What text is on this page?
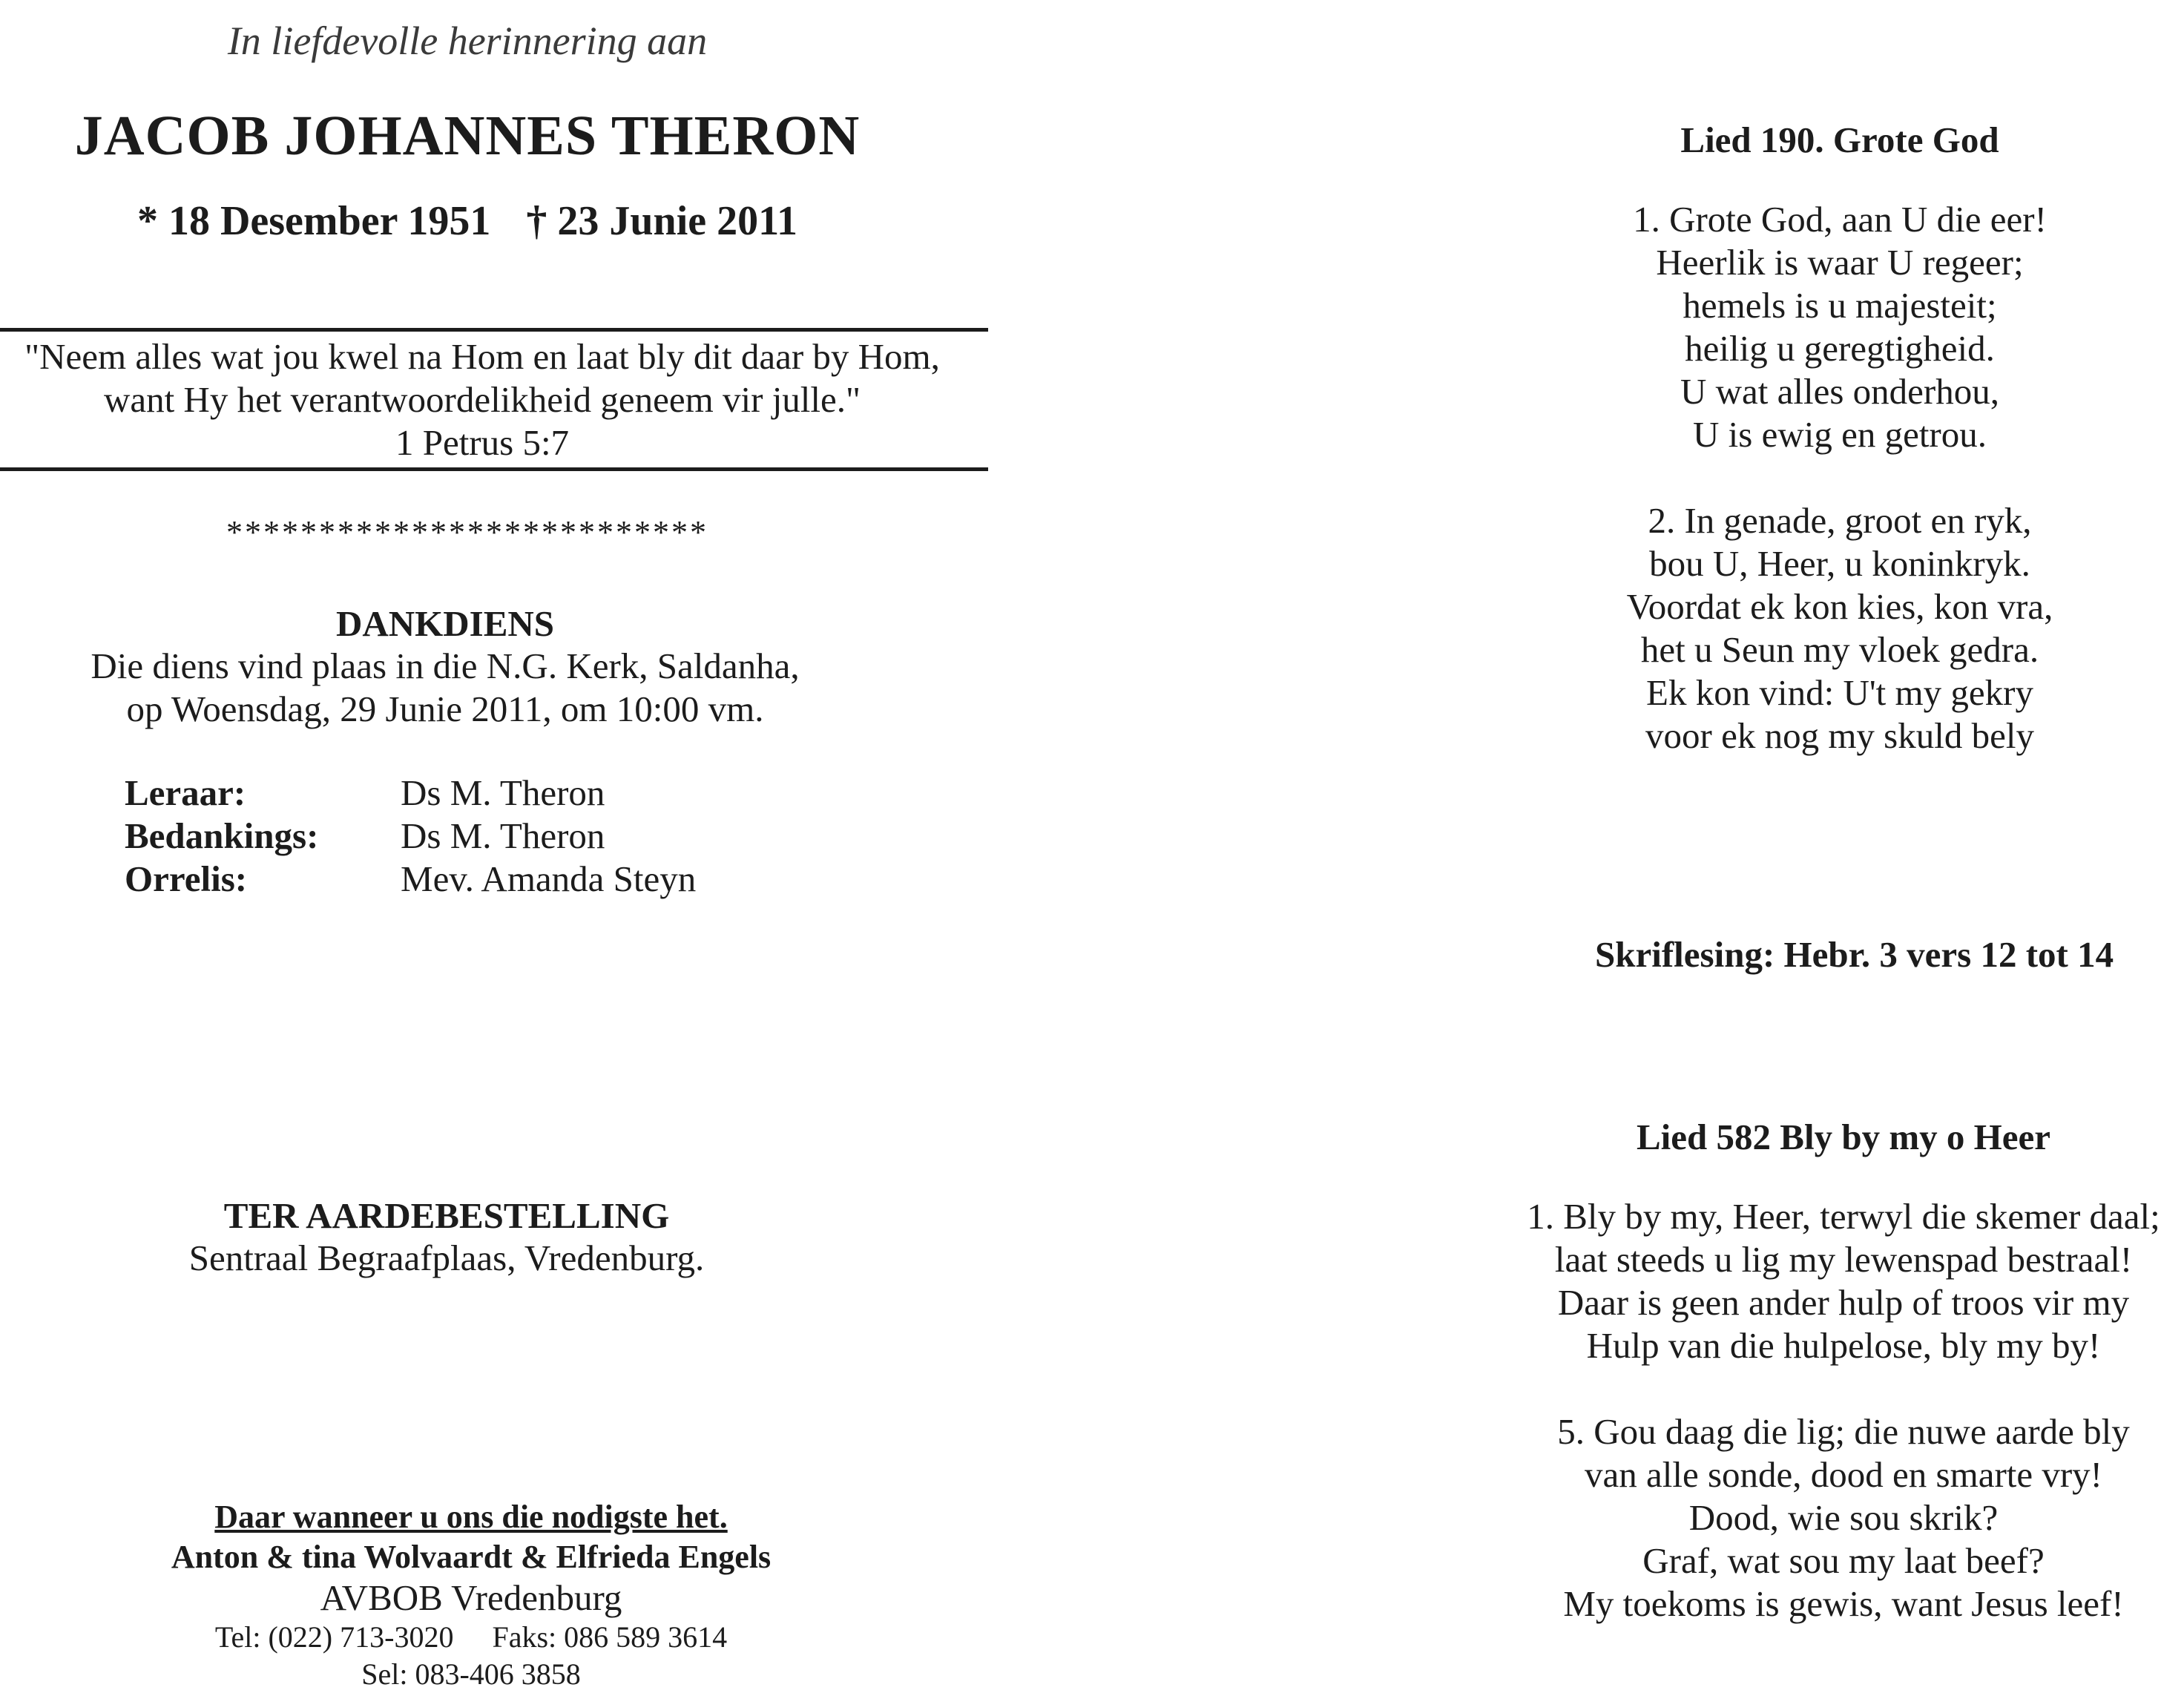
In liefdevolle herinnering aan
JACOB JOHANNES THERON
* 18 Desember 1951 † 23 Junie 2011
"Neem alles wat jou kwel na Hom en laat bly dit daar by Hom,
want Hy het verantwoordelikheid geneem vir julle."
1 Petrus 5:7
**************************
DANKDIENS
Die diens vind plaas in die N.G. Kerk, Saldanha,
op Woensdag, 29 Junie 2011, om 10:00 vm.
Leraar:	Ds M. Theron
Bedankings:	Ds M. Theron
Orrelis:	Mev. Amanda Steyn
TER AARDEBESTELLING
Sentraal Begraafplaas, Vredenburg.
Daar wanneer u ons die nodigste het.
Anton & tina Wolvaardt & Elfrieda Engels
AVBOB Vredenburg
Tel: (022) 713-3020 Faks: 086 589 3614
Sel: 083-406 3858
Lied 190. Grote God
1. Grote God, aan U die eer!
Heerlik is waar U regeer;
hemels is u majesteit;
heilig u geregtigheid.
U wat alles onderhou,
U is ewig en getrou.
2. In genade, groot en ryk,
bou U, Heer, u koninkryk.
Voordat ek kon kies, kon vra,
het u Seun my vloek gedra.
Ek kon vind: U't my gekry
voor ek nog my skuld bely
Skriflesing: Hebr. 3 vers 12 tot 14
Lied 582 Bly by my o Heer
1. Bly by my, Heer, terwyl die skemer daal;
laat steeds u lig my lewenspad bestraal!
Daar is geen ander hulp of troos vir my
Hulp van die hulpelose, bly my by!
5. Gou daag die lig; die nuwe aarde bly
van alle sonde, dood en smarte vry!
Dood, wie sou skrik?
Graf, wat sou my laat beef?
My toekoms is gewis, want Jesus leef!
